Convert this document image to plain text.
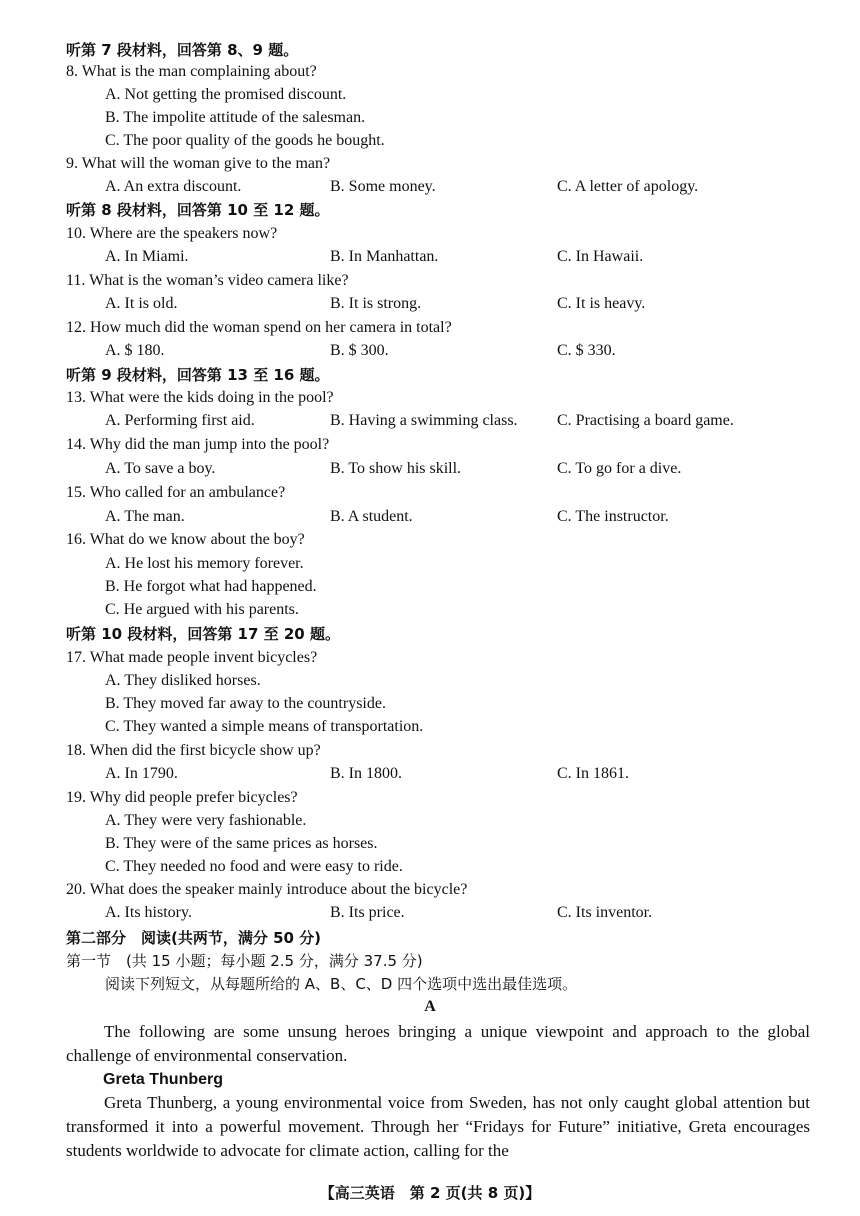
听第 7 段材料，回答第 8、9 题。
8. What is the man complaining about?
A. Not getting the promised discount.
B. The impolite attitude of the salesman.
C. The poor quality of the goods he bought.
9. What will the woman give to the man?
A. An extra discount.	B. Some money.	C. A letter of apology.
听第 8 段材料，回答第 10 至 12 题。
10. Where are the speakers now?
A. In Miami.	B. In Manhattan.	C. In Hawaii.
11. What is the woman’s video camera like?
A. It is old.	B. It is strong.	C. It is heavy.
12. How much did the woman spend on her camera in total?
A. $ 180.	B. $ 300.	C. $ 330.
听第 9 段材料，回答第 13 至 16 题。
13. What were the kids doing in the pool?
A. Performing first aid.	B. Having a swimming class. C. Practising a board game.
14. Why did the man jump into the pool?
A. To save a boy.	B. To show his skill.	C. To go for a dive.
15. Who called for an ambulance?
A. The man.	B. A student.	C. The instructor.
16. What do we know about the boy?
A. He lost his memory forever.
B. He forgot what had happened.
C. He argued with his parents.
听第 10 段材料，回答第 17 至 20 题。
17. What made people invent bicycles?
A. They disliked horses.
B. They moved far away to the countryside.
C. They wanted a simple means of transportation.
18. When did the first bicycle show up?
A. In 1790.	B. In 1800.	C. In 1861.
19. Why did people prefer bicycles?
A. They were very fashionable.
B. They were of the same prices as horses.
C. They needed no food and were easy to ride.
20. What does the speaker mainly introduce about the bicycle?
A. Its history.	B. Its price.	C. Its inventor.
第二部分　阅读(共两节，满分 50 分)
第一节　(共 15 小题；每小题 2.5 分，满分 37.5 分)
阅读下列短文，从每题所给的 A、B、C、D 四个选项中选出最佳选项。
A
The following are some unsung heroes bringing a unique viewpoint and approach to the global challenge of environmental conservation.
Greta Thunberg
Greta Thunberg, a young environmental voice from Sweden, has not only caught global attention but transformed it into a powerful movement. Through her “Fridays for Future” initiative, Greta encourages students worldwide to advocate for climate action, calling for the
【高三英语　第 2 页(共 8 页)】
